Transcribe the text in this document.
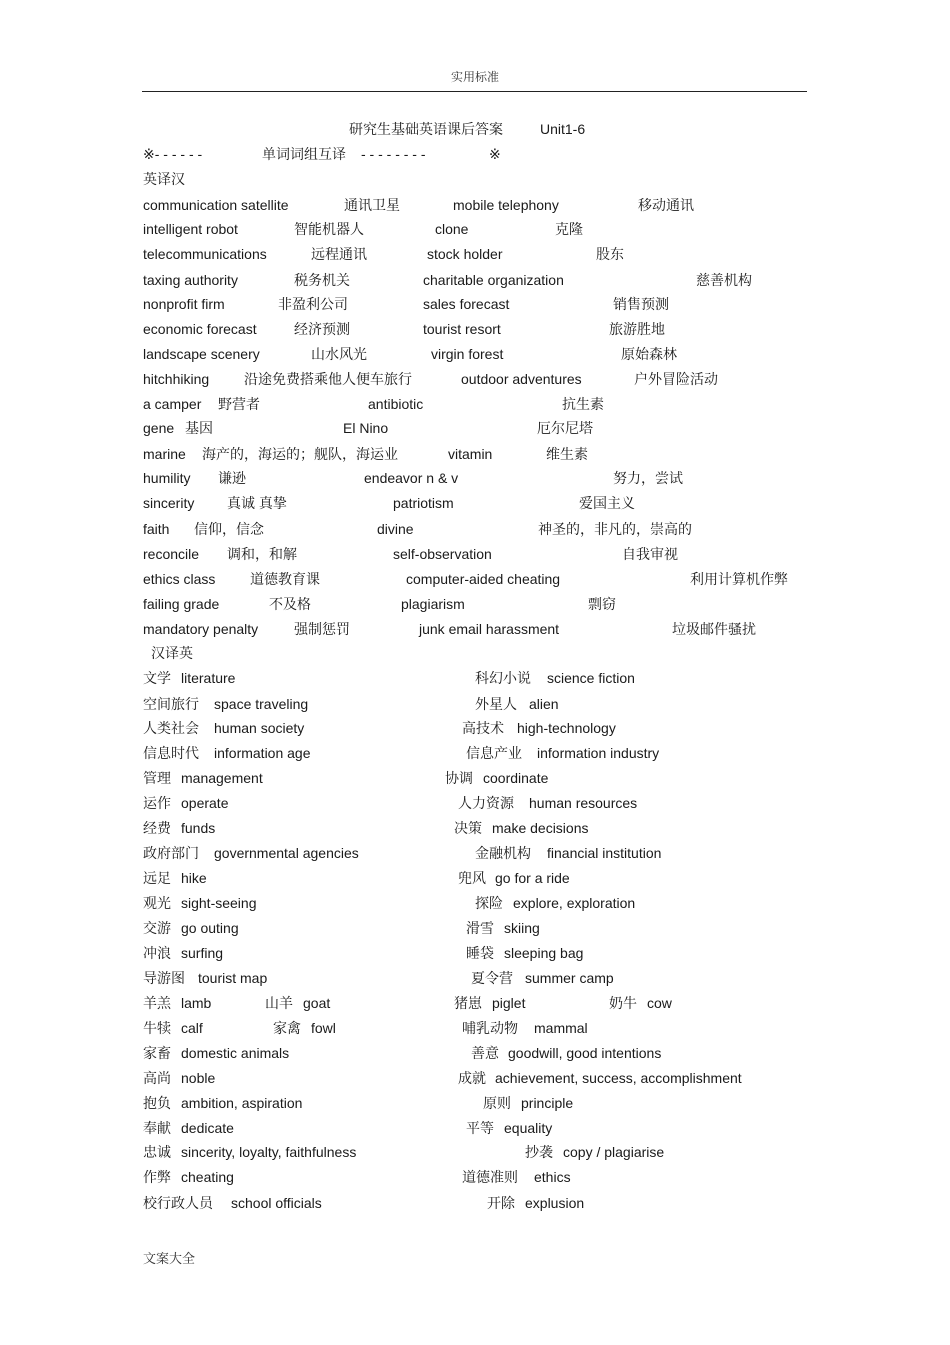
实用标准
研究生基础英语课后答案	Unit1-6
※- - - - - -	单词词组互译 - - - - - - - -	※
英译汉
communication satellite	通讯卫星	mobile telephony	移动通讯
intelligent robot	智能机器人	clone	克隆
telecommunications	远程通讯	stock holder	股东
taxing authority	税务机关	charitable organization	慈善机构
nonprofit firm	非盈利公司	sales forecast	销售预测
economic forecast	经济预测	tourist resort	旅游胜地
landscape scenery	山水风光	virgin forest	原始森林
hitchhiking 沿途免费搭乘他人便车旅行	outdoor adventures	户外冒险活动
a camper 野营者	antibiotic	抗生素
gene 基因	El Nino	厄尔尼塔
marine 海产的，海运的；舰队，海运业	vitamin	维生素
humility 谦逊	endeavor n & v	努力，尝试
sincerity 真诚 真挚	patriotism	爱国主义
faith 信仰，信念	divine	神圣的，非凡的，崇高的
reconcile 调和，和解	self-observation	自我审视
ethics class 道德教育课	computer-aided cheating	利用计算机作弊
failing grade	不及格	plagiarism	剽窃
mandatory penalty	强制惩罚	junk email harassment	垃圾邮件骚扰
汉译英
文学 literature	科幻小说 science fiction
空间旅行 space traveling	外星人 alien
人类社会 human society	高技术 high-technology
信息时代 information age	信息产业 information industry
管理 management	协调 coordinate
运作 operate	人力资源 human resources
经费 funds	决策 make decisions
政府部门 governmental agencies	金融机构 financial institution
远足 hike	兜风 go for a ride
观光 sight-seeing	探险 explore, exploration
交游 go outing	滑雪 skiing
冲浪 surfing	睡袋 sleeping bag
导游图 tourist map	夏令营 summer camp
羊羔 lamb	山羊 goat	猪崽 piglet	奶牛 cow
牛犊 calf	家禽 fowl	哺乳动物 mammal
家畜 domestic animals	善意 goodwill, good intentions
高尚 noble	成就 achievement, success, accomplishment
抱负 ambition, aspiration	原则 principle
奉献 dedicate	平等 equality
忠诚 sincerity, loyalty, faithfulness	抄袭 copy / plagiarise
作弊 cheating	道德准则 ethics
校行政人员 school officials	开除 explusion
文案大全
